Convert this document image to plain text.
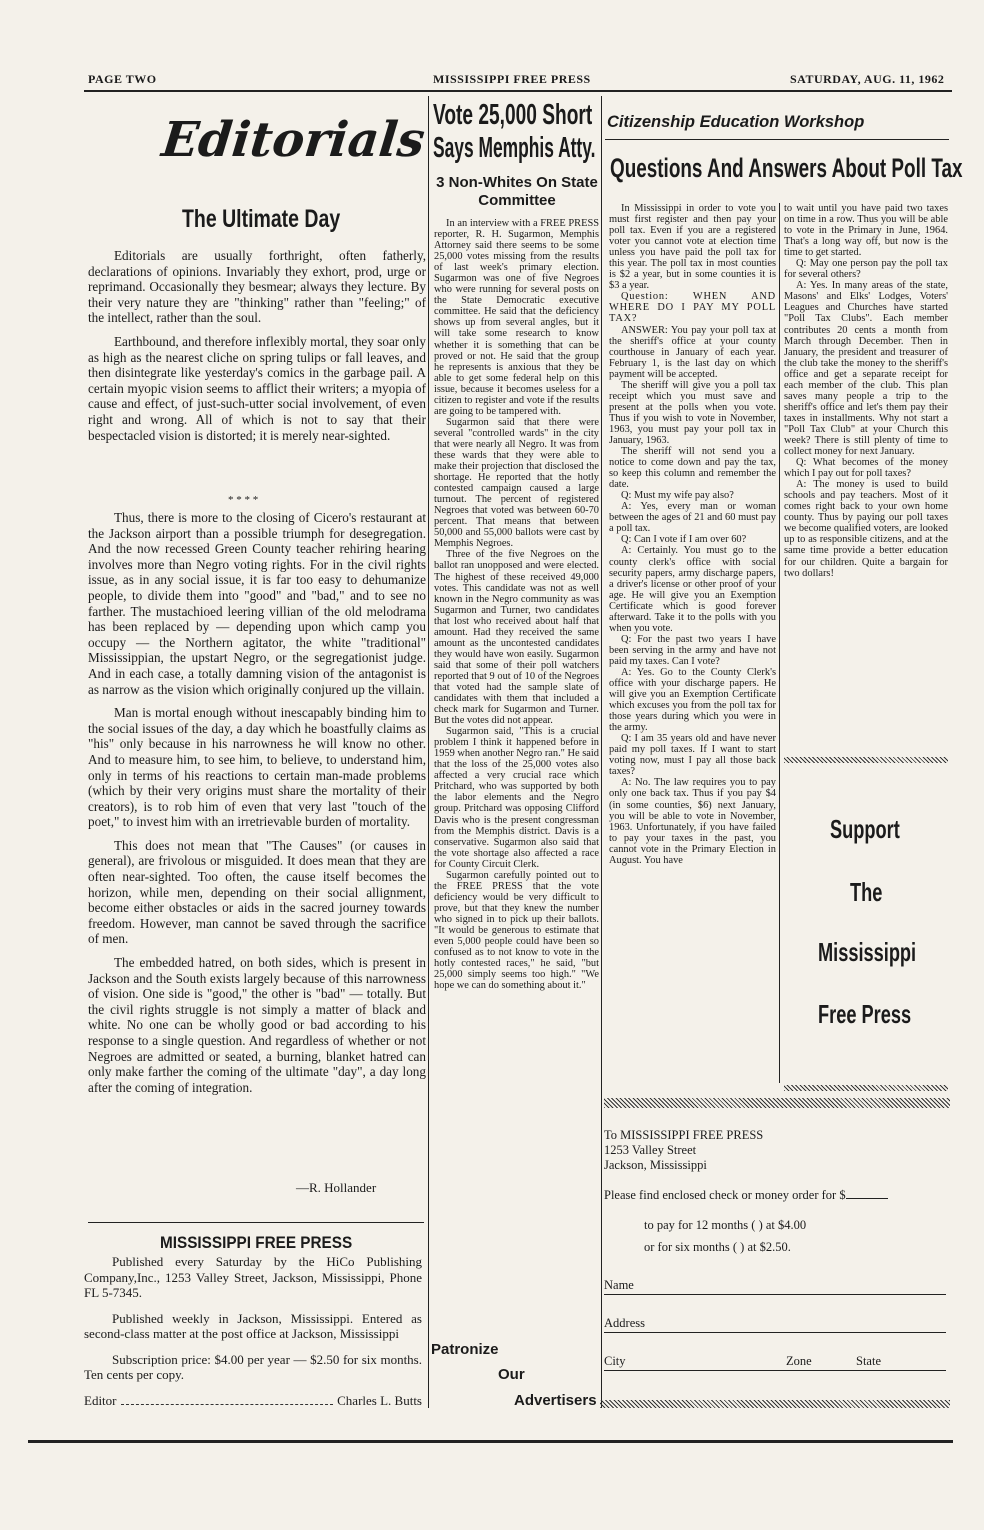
PAGE TWO	MISSISSIPPI FREE PRESS	SATURDAY, AUG. 11, 1962
Editorials
The Ultimate Day

Editorials are usually forthright, often fatherly, declarations of opinions. Invariably they exhort, prod, urge or reprimand. Occasionally they besmear; always they lecture. By their very nature they are "thinking" rather than "feeling;" of the intellect, rather than the soul.

Earthbound, and therefore inflexibly mortal, they soar only as high as the nearest cliche on spring tulips or fall leaves, and then disintegrate like yesterday's comics in the garbage pail. A certain myopic vision seems to afflict their writers; a myopia of cause and effect, of just-such-utter social involvement, of even right and wrong. All of which is not to say that their bespectacled vision is distorted; it is merely near-sighted.

* * * *

Thus, there is more to the closing of Cicero's restaurant at the Jackson airport than a possible triumph for desegregation. And the now recessed Green County teacher rehiring hearing involves more than Negro voting rights. For in the civil rights issue, as in any social issue, it is far too easy to dehumanize people, to divide them into "good" and "bad," and to see no farther. The mustachioed leering villian of the old melodrama has been replaced by — depending upon which camp you occupy — the Northern agitator, the white "traditional" Mississippian, the upstart Negro, or the segregationist judge. And in each case, a totally damning vision of the antagonist is as narrow as the vision which originally conjured up the villain.

Man is mortal enough without inescapably binding him to the social issues of the day, a day which he boastfully claims as "his" only because in his narrowness he will know no other. And to measure him, to see him, to believe, to understand him, only in terms of his reactions to certain man-made problems (which by their very origins must share the mortality of their creators), is to rob him of even that very last "touch of the poet," to invest him with an irretrievable burden of mortality.

This does not mean that "The Causes" (or causes in general), are frivolous or misguided. It does mean that they are often near-sighted. Too often, the cause itself becomes the horizon, while men, depending on their social allignment, become either obstacles or aids in the sacred journey towards freedom. However, man cannot be saved through the sacrifice of men.

The embedded hatred, on both sides, which is present in Jackson and the South exists largely because of this narrowness of vision. One side is "good," the other is "bad" — totally. But the civil rights struggle is not simply a matter of black and white. No one can be wholly good or bad according to his response to a single question. And regardless of whether or not Negroes are admitted or seated, a burning, blanket hatred can only make farther the coming of the ultimate "day", a day long after the coming of integration.

—R. Hollander
MISSISSIPPI FREE PRESS

Published every Saturday by the HiCo Publishing Company,Inc., 1253 Valley Street, Jackson, Mississippi, Phone FL 5-7345.

Published weekly in Jackson, Mississippi. Entered as second-class matter at the post office at Jackson, Mississippi

Subscription price: $4.00 per year — $2.50 for six months. Ten cents per copy.

Editor	Charles L. Butts
Vote 25,000 Short
Says Memphis Atty.
3 Non-Whites On State Committee

In an interview with a FREE PRESS reporter, R. H. Sugarmon, Memphis Attorney said there seems to be some 25,000 votes missing from the results of last week's primary election. Sugarmon was one of five Negroes who were running for several posts on the State Democratic executive committee. He said that the deficiency shows up from several angles, but it will take some research to know whether it is something that can be proved or not. He said that the group he represents is anxious that they be able to get some federal help on this issue, because it becomes useless for a citizen to register and vote if the results are going to be tampered with.

Sugarmon said that there were several "controlled wards" in the city that were nearly all Negro. It was from these wards that they were able to make their projection that disclosed the shortage. He reported that the hotly contested campaign caused a large turnout. The percent of registered Negroes that voted was between 60-70 percent. That means that between 50,000 and 55,000 ballots were cast by Memphis Negroes.

Three of the five Negroes on the ballot ran unopposed and were elected. The highest of these received 49,000 votes. This candidate was not as well known in the Negro community as was Sugarmon and Turner, two candidates that lost who received about half that amount. Had they received the same amount as the uncontested candidates they would have won easily. Sugarmon said that some of their poll watchers reported that 9 out of 10 of the Negroes that voted had the sample slate of candidates with them that included a check mark for Sugarmon and Turner. But the votes did not appear.

Sugarmon said, "This is a crucial problem I think it happened before in 1959 when another Negro ran." He said that the loss of the 25,000 votes also affected a very crucial race which Pritchard, who was supported by both the labor elements and the Negro group. Pritchard was opposing Clifford Davis who is the present congressman from the Memphis district. Davis is a conservative. Sugarmon also said that the vote shortage also affected a race for County Circuit Clerk.

Sugarmon carefully pointed out to the FREE PRESS that the vote deficiency would be very difficult to prove, but that they knew the number who signed in to pick up their ballots. "It would be generous to estimate that even 5,000 people could have been so confused as to not know to vote in the hotly contested races," he said, "but 25,000 simply seems too high." "We hope we can do something about it."

Patronize
Our
Advertisers
Citizenship Education Workshop
Questions And Answers About Poll Tax

In Mississippi in order to vote you must first register and then pay your poll tax. Even if you are a registered voter you cannot vote at election time unless you have paid the poll tax for this year. The poll tax in most counties is $2 a year, but in some counties it is $3 a year.

Question: WHEN AND WHERE DO I PAY MY POLL TAX?

ANSWER: You pay your poll tax at the sheriff's office at your county courthouse in January of each year. February 1, is the last day on which payment will be accepted.

The sheriff will give you a poll tax receipt which you must save and present at the polls when you vote. Thus if you wish to vote in November, 1963, you must pay your poll tax in January, 1963.

The sheriff will not send you a notice to come down and pay the tax, so keep this column and remember the date.

Q: Must my wife pay also?

A: Yes, every man or woman between the ages of 21 and 60 must pay a poll tax.

Q: Can I vote if I am over 60?

A: Certainly. You must go to the county clerk's office with social security papers, army discharge papers, a driver's license or other proof of your age. He will give you an Exemption Certificate which is good forever afterward. Take it to the polls with you when you vote.

Q: For the past two years I have been serving in the army and have not paid my taxes. Can I vote?

A: Yes. Go to the County Clerk's office with your discharge papers. He will give you an Exemption Certificate which excuses you from the poll tax for those years during which you were in the army.

Q: I am 35 years old and have never paid my poll taxes. If I want to start voting now, must I pay all those back taxes?

A: No. The law requires you to pay only one back tax. Thus if you pay $4 (in some counties, $6) next January, you will be able to vote in November, 1963. Unfortunately, if you have failed to pay your taxes in the past, you cannot vote in the Primary Election in August. You have

to wait until you have paid two taxes on time in a row. Thus you will be able to vote in the Primary in June, 1964. That's a long way off, but now is the time to get started.

Q: May one person pay the poll tax for several others?

A: Yes. In many areas of the state, Masons' and Elks' Lodges, Voters' Leagues and Churches have started "Poll Tax Clubs". Each member contributes 20 cents a month from March through December. Then in January, the president and treasurer of the club take the money to the sheriff's office and get a separate receipt for each member of the club. This plan saves many people a trip to the sheriff's office and let's them pay their taxes in installments. Why not start a "Poll Tax Club" at your Church this week? There is still plenty of time to collect money for next January.

Q: What becomes of the money which I pay out for poll taxes?

A: The money is used to build schools and pay teachers. Most of it comes right back to your own home county. Thus by paying our poll taxes we become qualified voters, are looked up to as responsible citizens, and at the same time provide a better education for our children. Quite a bargain for two dollars!

Support
The
Mississippi
Free Press
To MISSISSIPPI FREE PRESS
1253 Valley Street
Jackson, Mississippi
Please find enclosed check or money order for $
to pay for 12 months ( ) at $4.00
or for six months ( ) at $2.50.
Name
Address
City	Zone	State
